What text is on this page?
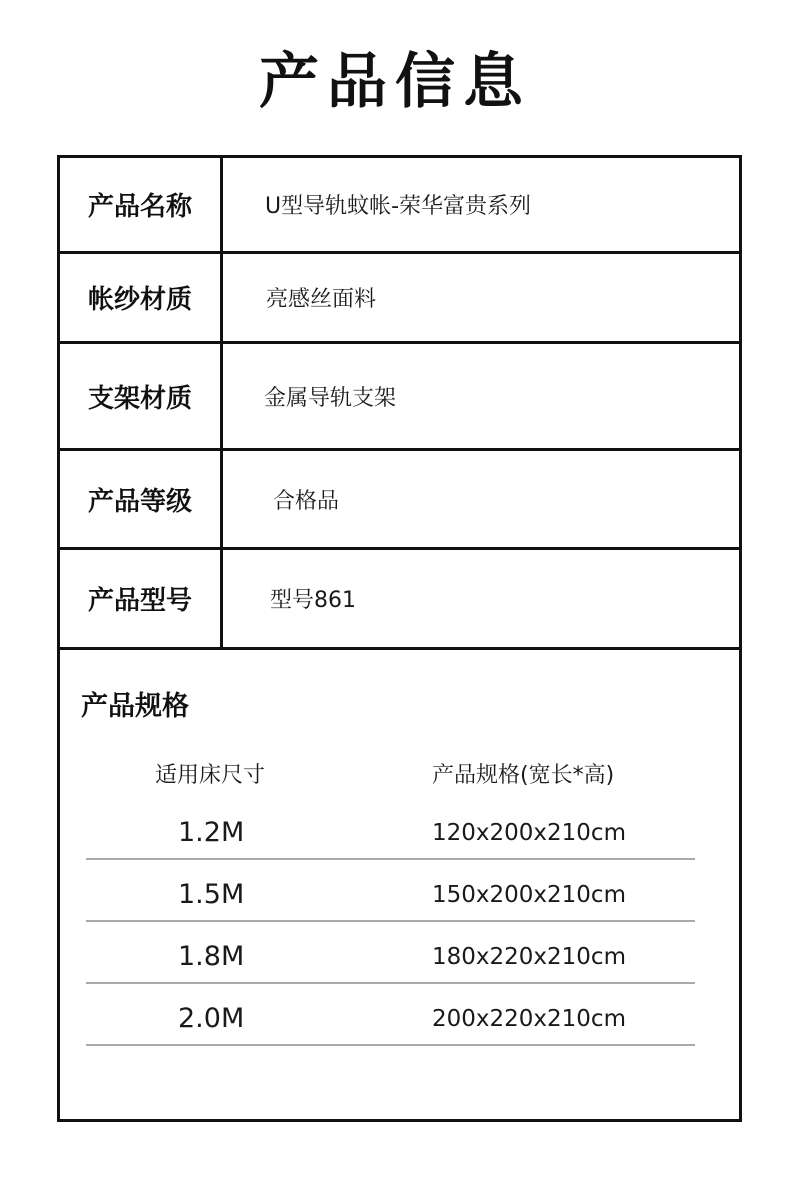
产品信息
产品名称	U型导轨蚊帐-荣华富贵系列
帐纱材质	亮感丝面料
支架材质	金属导轨支架
产品等级	合格品
产品型号	型号861
产品规格
适用床尺寸	产品规格(宽长*高)
1.2M	120x200x210cm
1.5M	150x200x210cm
1.8M	180x220x210cm
2.0M	200x220x210cm
